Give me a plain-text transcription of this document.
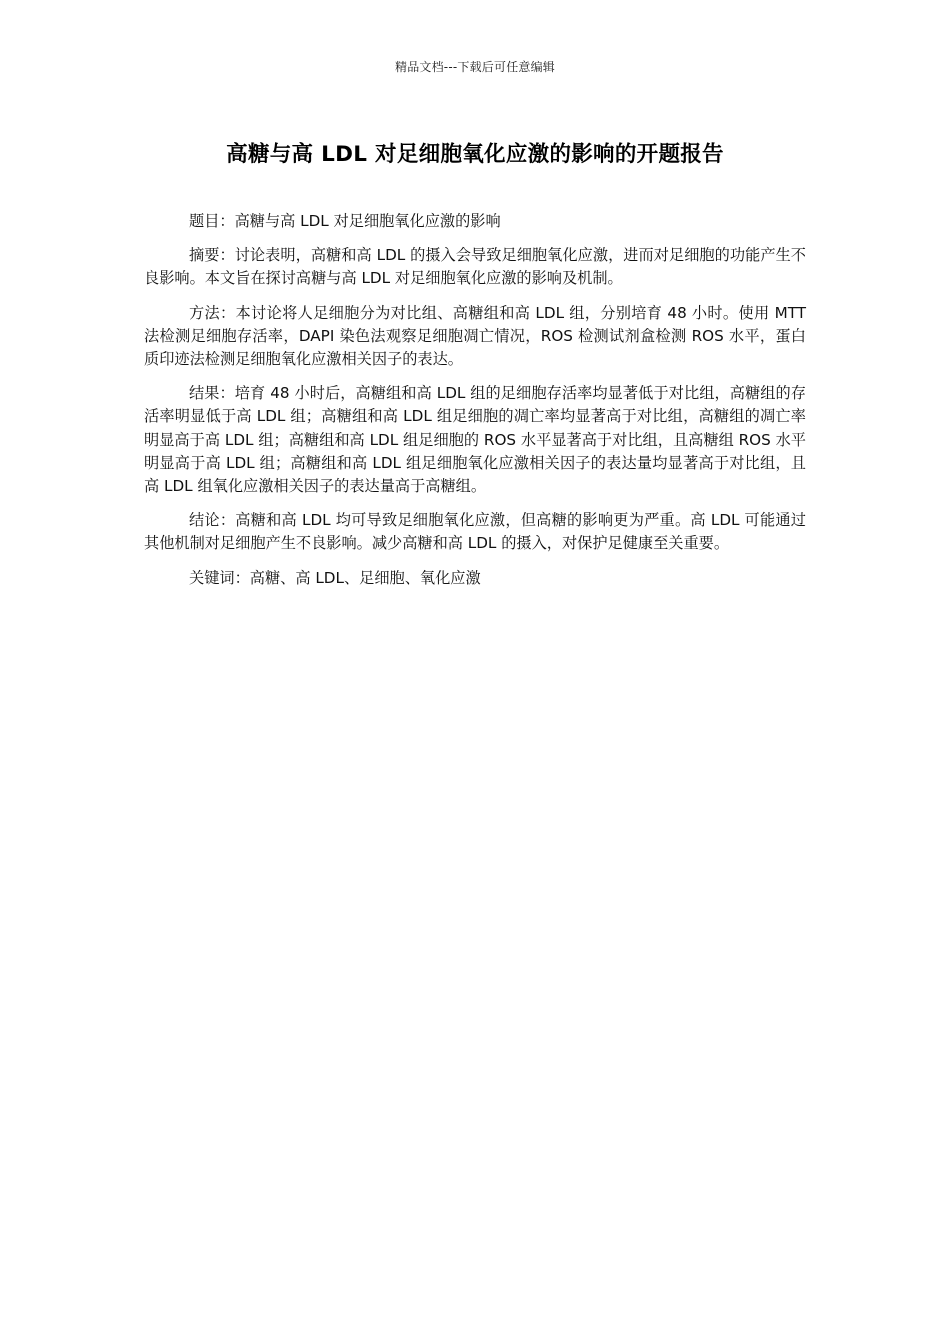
精品文档---下载后可任意编辑
高糖与高 LDL 对足细胞氧化应激的影响的开题报告

题目：高糖与高 LDL 对足细胞氧化应激的影响

摘要：讨论表明，高糖和高 LDL 的摄入会导致足细胞氧化应激，进而对足细胞的功能产生不良影响。本文旨在探讨高糖与高 LDL 对足细胞氧化应激的影响及机制。

方法：本讨论将人足细胞分为对比组、高糖组和高 LDL 组，分别培育 48 小时。使用 MTT 法检测足细胞存活率，DAPI 染色法观察足细胞凋亡情况，ROS 检测试剂盒检测 ROS 水平，蛋白质印迹法检测足细胞氧化应激相关因子的表达。

结果：培育 48 小时后，高糖组和高 LDL 组的足细胞存活率均显著低于对比组，高糖组的存活率明显低于高 LDL 组；高糖组和高 LDL 组足细胞的凋亡率均显著高于对比组，高糖组的凋亡率明显高于高 LDL 组；高糖组和高 LDL 组足细胞的 ROS 水平显著高于对比组，且高糖组 ROS 水平明显高于高 LDL 组；高糖组和高 LDL 组足细胞氧化应激相关因子的表达量均显著高于对比组，且高 LDL 组氧化应激相关因子的表达量高于高糖组。

结论：高糖和高 LDL 均可导致足细胞氧化应激，但高糖的影响更为严重。高 LDL 可能通过其他机制对足细胞产生不良影响。减少高糖和高 LDL 的摄入，对保护足健康至关重要。

关键词：高糖、高 LDL、足细胞、氧化应激
